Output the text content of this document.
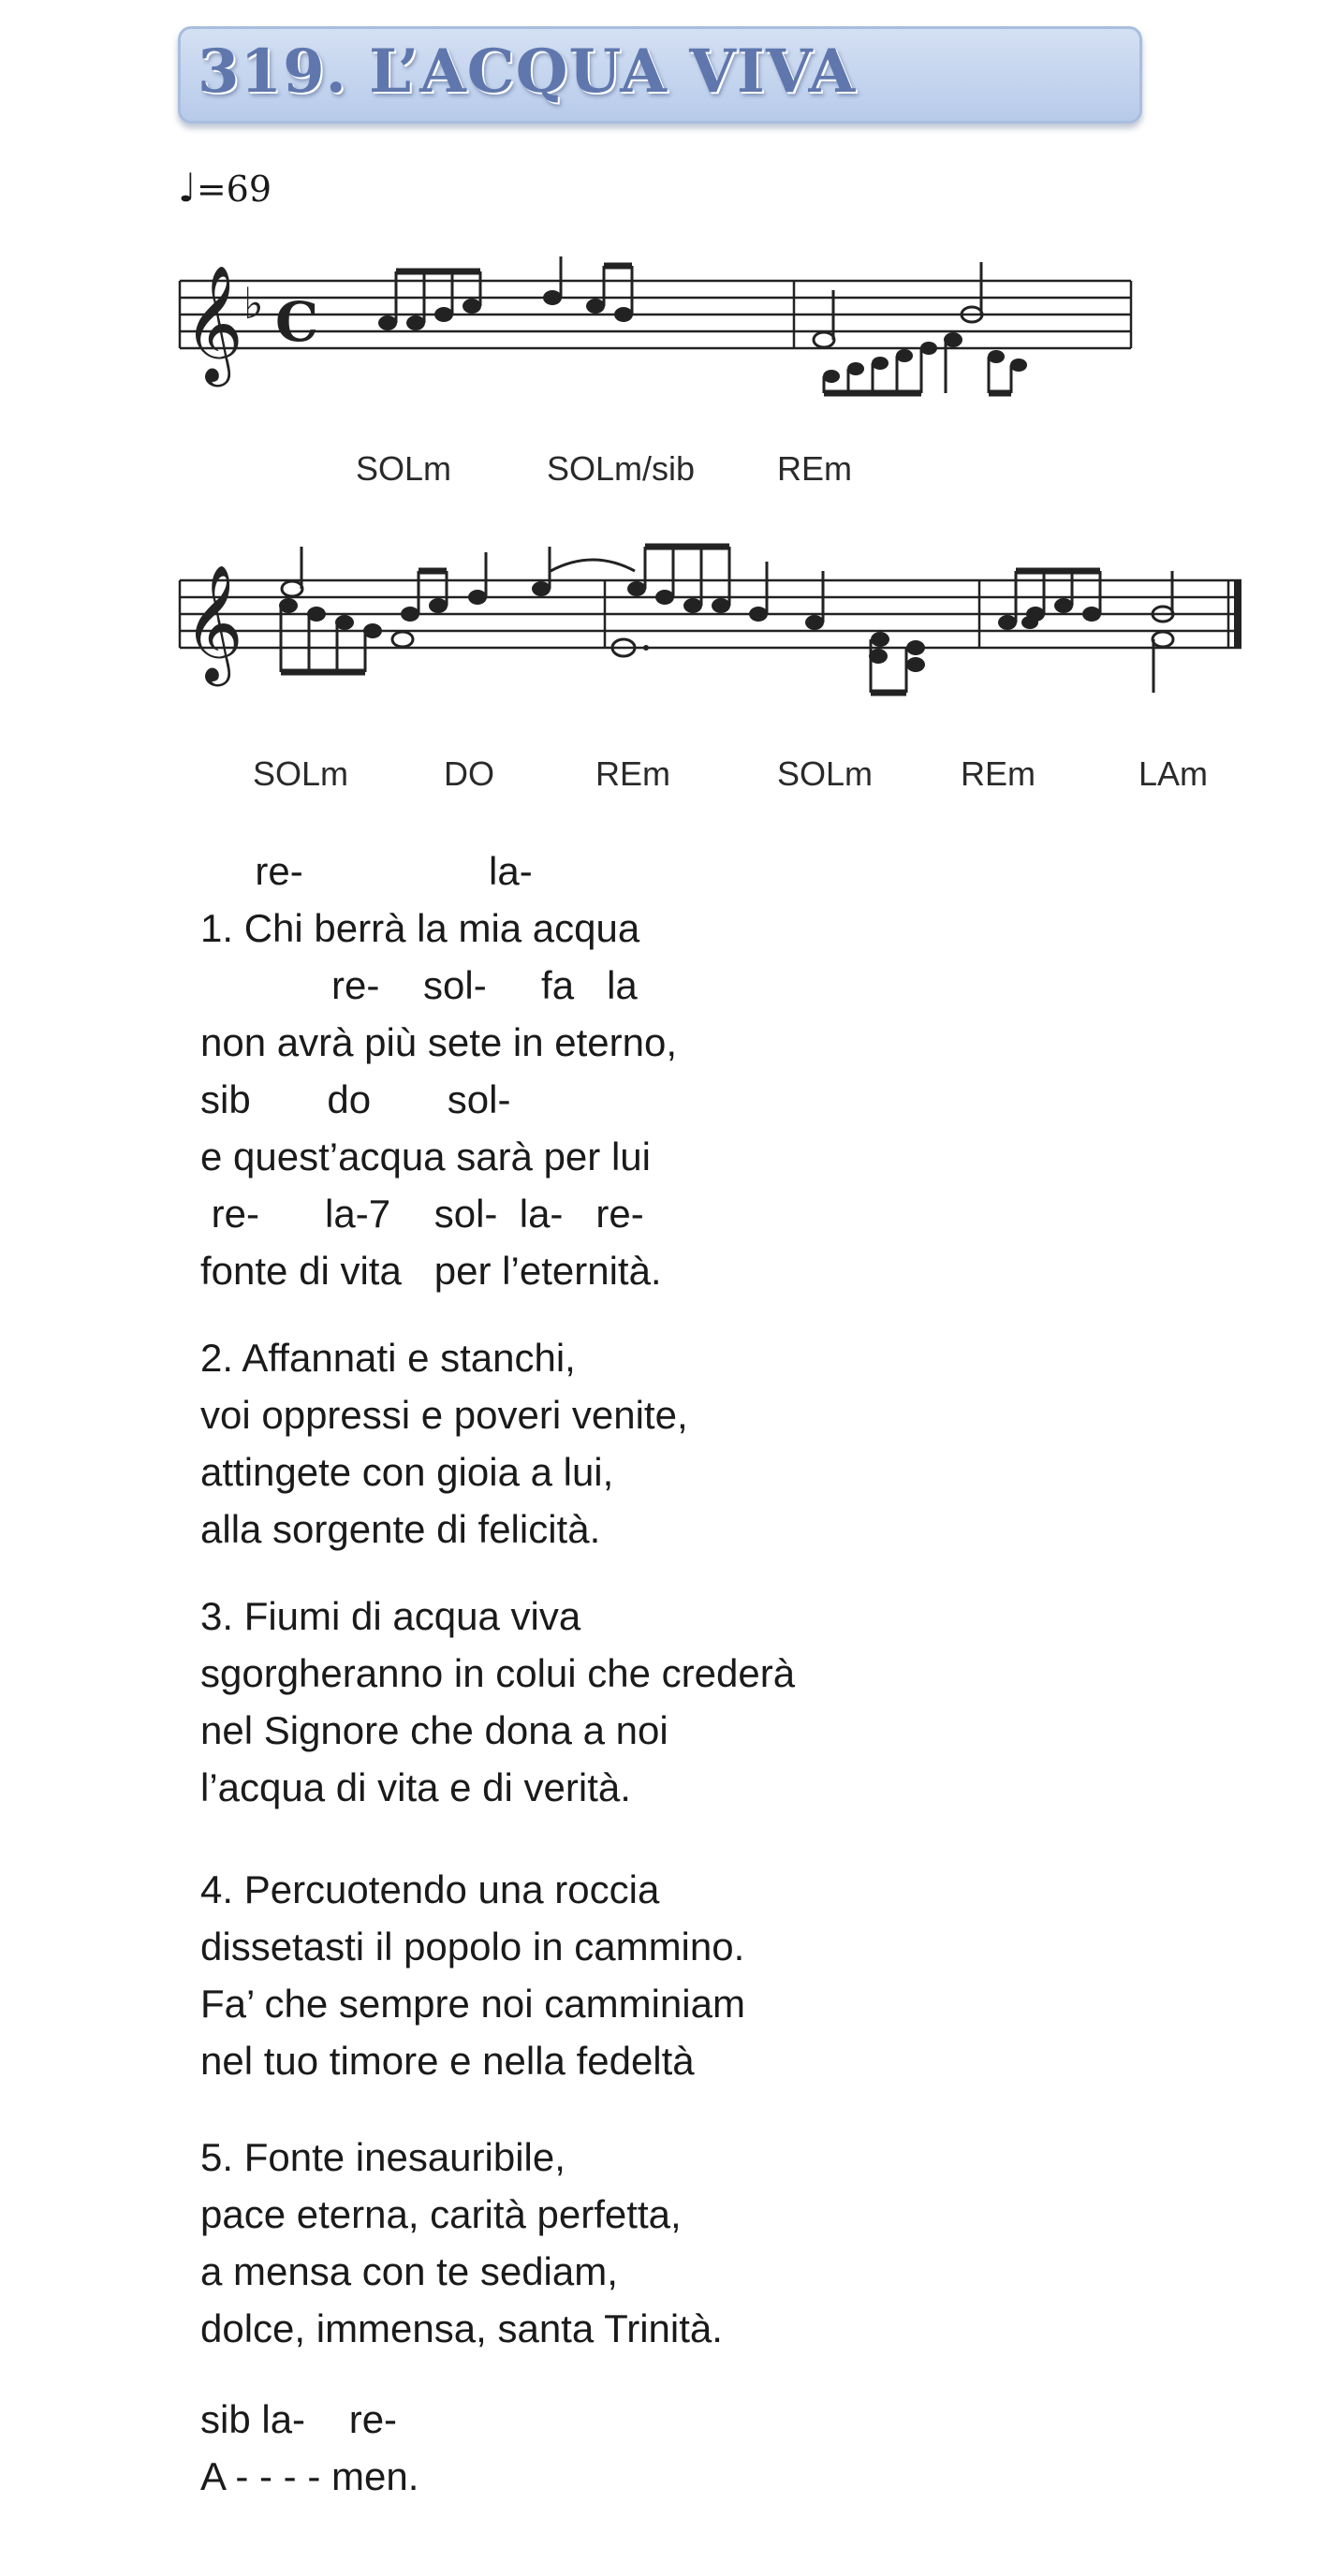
319. L’ACQUA VIVA
♩=69
𝄞 ♭ C
SOLm	SOLm/sib REm
𝄞
SOLm	DO	REm	SOLm	REm	LAm
re-                 la-
1. Chi berrà la mia acqua
re-    sol-     fa   la
non avrà più sete in eterno,
sib       do       sol-
e quest’acqua sarà per lui
re-      la-7    sol-  la-   re-
fonte di vita   per l’eternità.
2. Affannati e stanchi,
voi oppressi e poveri venite,
attingete con gioia a lui,
alla sorgente di felicità.
3. Fiumi di acqua viva
sgorgheranno in colui che crederà
nel Signore che dona a noi
l’acqua di vita e di verità.
4. Percuotendo una roccia
dissetasti il popolo in cammino.
Fa’ che sempre noi camminiam
nel tuo timore e nella fedeltà
5. Fonte inesauribile,
pace eterna, carità perfetta,
a mensa con te sediam,
dolce, immensa, santa Trinità.
sib la-    re-
A - - - - men.
